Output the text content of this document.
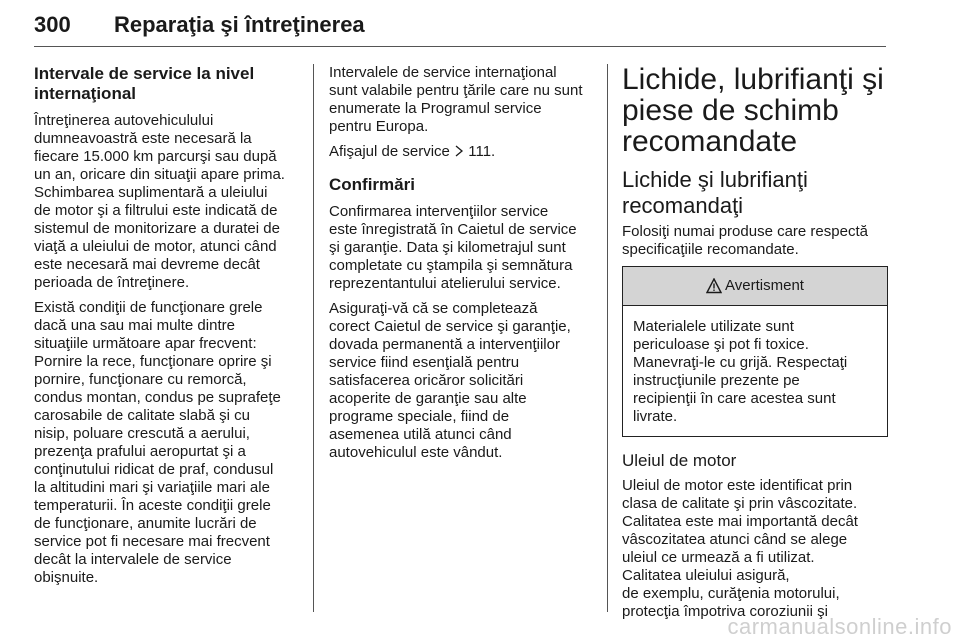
300 Reparaţia şi întreţinerea
Intervale de service la nivel
internaţional

Întreţinerea autovehiculului
dumneavoastră este necesară la
fiecare 15.000 km parcurşi sau după
un an, oricare din situaţii apare prima.
Schimbarea suplimentară a uleiului
de motor şi a filtrului este indicată de
sistemul de monitorizare a duratei de
viaţă a uleiului de motor, atunci când
este necesară mai devreme decât
perioada de întreţinere.

Există condiţii de funcţionare grele
dacă una sau mai multe dintre
situaţiile următoare apar frecvent:
Pornire la rece, funcţionare oprire şi
pornire, funcţionare cu remorcă,
condus montan, condus pe suprafeţe
carosabile de calitate slabă şi cu
nisip, poluare crescută a aerului,
prezenţa prafului aeropurtat şi a
conţinutului ridicat de praf, condusul
la altitudini mari şi variaţiile mari ale
temperaturii. În aceste condiţii grele
de funcţionare, anumite lucrări de
service pot fi necesare mai frecvent
decât la intervalele de service
obişnuite.

Intervalele de service internaţional
sunt valabile pentru ţările care nu sunt
enumerate la Programul service
pentru Europa.

Afişajul de service 111.

Confirmări

Confirmarea intervenţiilor service
este înregistrată în Caietul de service
şi garanţie. Data şi kilometrajul sunt
completate cu ştampila şi semnătura
reprezentantului atelierului service.

Asiguraţi-vă că se completează
corect Caietul de service şi garanţie,
dovada permanentă a intervenţiilor
service fiind esenţială pentru
satisfacerea oricăror solicitări
acoperite de garanţie sau alte
programe speciale, fiind de
asemenea utilă atunci când
autovehiculul este vândut.

Lichide, lubrifianţi şi
piese de schimb
recomandate
Lichide şi lubrifianţi
recomandaţi

Folosiţi numai produse care respectă
specificaţiile recomandate.

Avertisment
Materialele utilizate sunt
periculoase şi pot fi toxice.
Manevraţi-le cu grijă. Respectaţi
instrucţiunile prezente pe
recipienţii în care acestea sunt
livrate.
Uleiul de motor

Uleiul de motor este identificat prin
clasa de calitate şi prin vâscozitate.
Calitatea este mai importantă decât
vâscozitatea atunci când se alege
uleiul ce urmează a fi utilizat.
Calitatea uleiului asigură,
de exemplu, curăţenia motorului,
protecţia împotriva coroziunii şi

carmanualsonline.info
